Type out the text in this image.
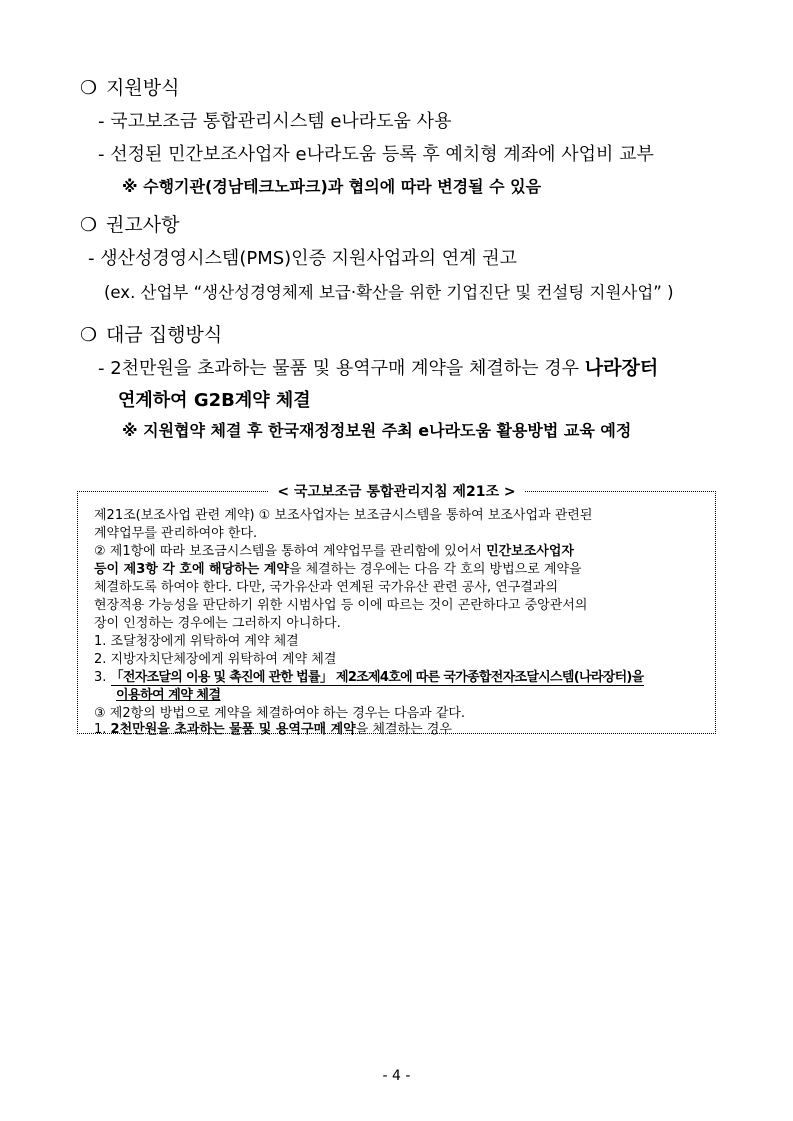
❍ 지원방식
- 국고보조금 통합관리시스템 e나라도움 사용
- 선정된 민간보조사업자 e나라도움 등록 후 예치형 계좌에 사업비 교부
※ 수행기관(경남테크노파크)과 협의에 따라 변경될 수 있음
❍ 권고사항
- 생산성경영시스템(PMS)인증 지원사업과의 연계 권고
(ex. 산업부 “생산성경영체제 보급·확산을 위한 기업진단 및 컨설팅 지원사업” )
❍ 대금 집행방식
- 2천만원을 초과하는 물품 및 용역구매 계약을 체결하는 경우 나라장터
연계하여 G2B계약 체결
※ 지원협약 체결 후 한국재정정보원 주최 e나라도움 활용방법 교육 예정
< 국고보조금 통합관리지침 제21조 >
제21조(보조사업 관련 계약) ① 보조사업자는 보조금시스템을 통하여 보조사업과 관련된
계약업무를 관리하여야 한다.
② 제1항에 따라 보조금시스템을 통하여 계약업무를 관리함에 있어서 민간보조사업자
등이 제3항 각 호에 해당하는 계약을 체결하는 경우에는 다음 각 호의 방법으로 계약을
체결하도록 하여야 한다. 다만, 국가유산과 연계된 국가유산 관련 공사, 연구결과의
현장적용 가능성을 판단하기 위한 시범사업 등 이에 따르는 것이 곤란하다고 중앙관서의
장이 인정하는 경우에는 그러하지 아니하다.
1. 조달청장에게 위탁하여 계약 체결
2. 지방자치단체장에게 위탁하여 계약 체결
3. 「전자조달의 이용 및 촉진에 관한 법률」 제2조제4호에 따른 국가종합전자조달시스템(나라장터)을
이용하여 계약 체결
③ 제2항의 방법으로 계약을 체결하여야 하는 경우는 다음과 같다.
1. 2천만원을 초과하는 물품 및 용역구매 계약을 체결하는 경우
- 4 -
